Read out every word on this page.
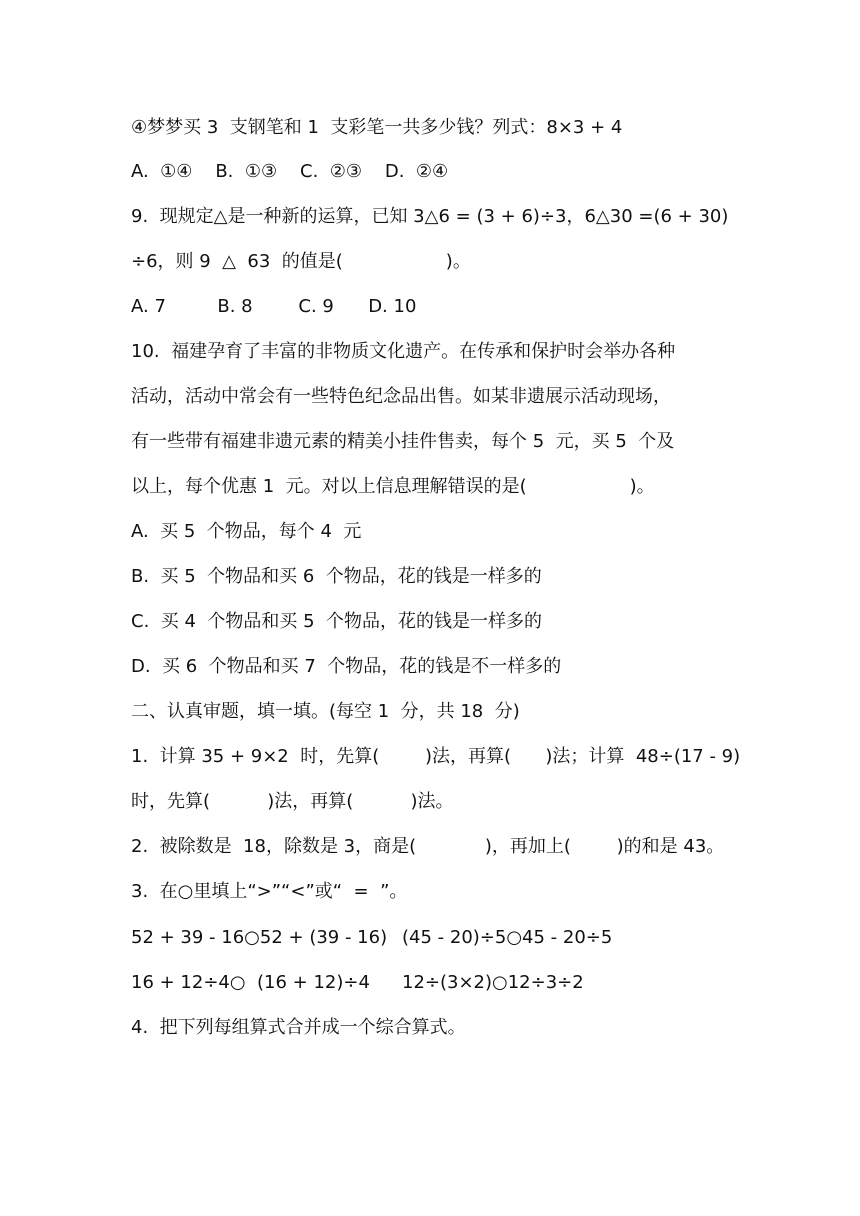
④梦梦买 3  支钢笔和 1  支彩笔一共多少钱？列式：8×3 + 4
A.  ①④    B.  ①③    C.  ②③    D.  ②④
9.  现规定△是一种新的运算，已知 3△6 = (3 + 6)÷3，6△30 =(6 + 30)
÷6，则 9  △  63  的值是(                  )。
A. 7         B. 8        C. 9      D. 10
10.  福建孕育了丰富的非物质文化遗产。在传承和保护时会举办各种
活动，活动中常会有一些特色纪念品出售。如某非遗展示活动现场，
有一些带有福建非遗元素的精美小挂件售卖，每个 5  元，买 5  个及
以上，每个优惠 1  元。对以上信息理解错误的是(                  )。
A.  买 5  个物品，每个 4  元
B.  买 5  个物品和买 6  个物品，花的钱是一样多的
C.  买 4  个物品和买 5  个物品，花的钱是一样多的
D.  买 6  个物品和买 7  个物品，花的钱是不一样多的
二、认真审题，填一填。(每空 1  分，共 18  分)
1.  计算 35 + 9×2  时，先算(        )法，再算(      )法；计算  48÷(17 - 9)
时，先算(          )法，再算(          )法。
2.  被除数是  18，除数是 3，商是(            )，再加上(        )的和是 43。
3.  在○里填上“>”“<”或“  =  ”。
52 + 39 - 16○52 + (39 - 16) (45 - 20)÷5○45 - 20÷5
16 + 12÷4○  (16 + 12)÷4 12÷(3×2)○12÷3÷2
4.  把下列每组算式合并成一个综合算式。
